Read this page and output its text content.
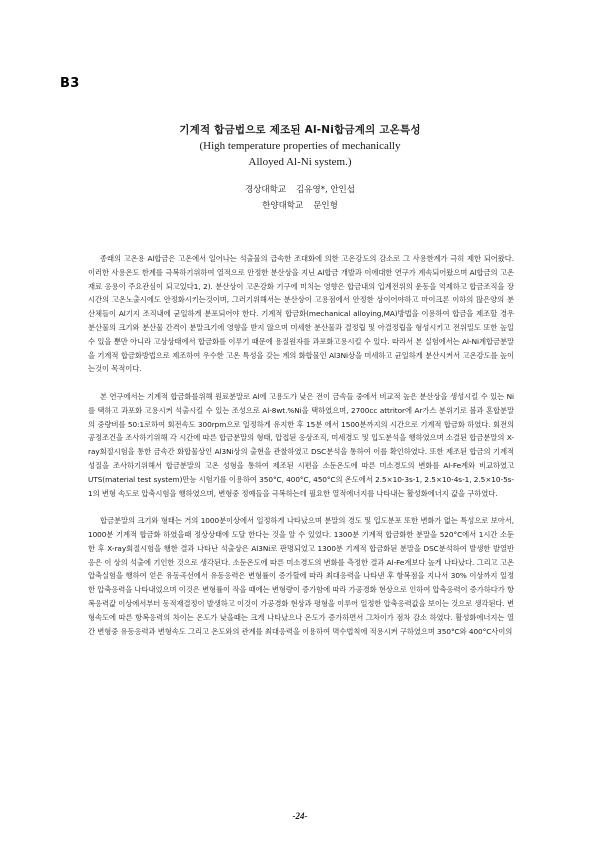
B3

기계적 합금법으로 제조된 Al-Ni합금계의 고온특성

(High temperature properties of mechanically

Alloyed Al-Ni system.)

경상대학교 김유영*, 안인섭
한양대학교 문인형

종래의 고온용 Al합금은 고온에서 일어나는 석출물의 급속한 조대화에 의한 고온강도의 감소로 그 사용한계가 극히 제한 되어왔다. 이러한 사용온도 한계를 극복하기위하여 열적으로 안정한 분산상을 지닌 Al합금 개발과 이에대한 연구가 계속되어왔으며 Al합금의 고온재료 응용이 주요관심이 되고있다1, 2). 분산상이 고온강화 기구에 미치는 영향은 합금내의 입계전위의 운동을 억제하고 합금조직을 장시간의 고온노출시에도 안정화시키는것이며, 그러기위해서는 분산상이 고용점에서 안정한 상이어야하고 마이크론 이하의 많은양의 분산체들이 Al기지 조직내에 균일하게 분포되어야 한다. 기계적 합금화(mechanical alloying,MA)방법을 이용하여 합금을 제조할 경우 분산물의 크기와 분산물 간격이 분말크기에 영향을 받지 않으며 미세한 분산물과 결정립 및 아결정립을 형성시키고 전위밀도 또한 높일 수 있을 뿐만 아니라 고상상태에서 합금화를 이루기 때문에 용질원자를 과포화고용시킬 수 있다. 따라서 본 실험에서는 Al-Ni계합금분말을 기계적 합금화방법으로 제조하여 우수한 고온 특성을 갖는 계의 화합물인 Al3Ni상을 미세하고 균일하게 분산시켜서 고온강도를 높이는것이 목적이다.

본 연구에서는 기계적 합금화를위해 원료분말로 Al에 고용도가 낮은 전이 금속들 중에서 비교적 높은 분산상을 생성시킬 수 있는 Ni를 택하고 과포화 고용시켜 석출시킬 수 있는 조성으로 Al-8wt.%Ni을 택하였으며, 2700cc attritor에 Ar가스 분위기로 볼과 혼합분말의 중량비를 50:1로하여 회전속도 300rpm으로 일정하게 유지한 후 15분 에서 1500분까지의 시간으로 기계적 합금화 하였다. 회전의 공정조건을 조사하기위해 각 시간에 따른 합금분말의 형태, 압접된 응상조직, 미세경도 및 입도분석을 행하였으며 소결된 합금분말의 X-ray회절시험을 통한 금속간 화합물상인 Al3Ni상의 출현을 관찰하였고 DSC분석을 통하여 이를 확인하였다. 또한 제조된 합금의 기계적 성질을 조사하기위해서 합금분말의 고온 성형을 통하여 제조된 시편을 소둔온도에 따른 미소경도의 변화를 Al-Fe계와 비교하였고 UTS(material test system)만능 시험기를 이용하여 350°C, 400°C, 450°C의 온도에서 2.5×10-3s-1, 2.5×10-4s-1, 2.5×10-5s-1의 변형 속도로 압축시험을 행하였으며, 변형중 정예들을 극복하는데 필요한 열적에너지를 나타내는 활성화에너지 값을 구하였다.

합금분말의 크기와 형태는 거의 1000분이상에서 일정하게 나타났으며 분말의 경도 및 입도분포 또한 변화가 없는 특성으로 보아서, 1000분 기계적 합금화 하였을때 정상상태에 도달 한다는 것을 알 수 있었다. 1300분 기계적 합금화한 분말을 520°C에서 1시간 소둔한 후 X-ray회절시험을 행한 결과 나타난 석출상은 Al3Ni로 판명되었고 1300분 기계적 합금화된 분말을 DSC분석하여 발생한 발열반응은 이 상의 석출에 기인한 것으로 생각된다. 소둔온도에 따른 미소경도의 변화를 측정한 결과 Al-Fe계보다 높게 나타났다. 그리고 고온 압축실험을 행하여 얻은 유동곡선에서 유동응력은 변형률이 증가할에 따라 최대응력을 나타낸 후 항복점을 지나서 30% 이상까지 일정한 압축응력을 나타내었으며 이것은 변형률이 작을 때에는 변형량이 증가함에 따라 가공경화 현상으로 인하여 압축응력이 증가하다가 항복응력값 이상에서부터 동적재결정이 발생하고 이것이 가공경화 현상과 평형을 이루어 일정한 압축응력값을 보이는 것으로 생각된다. 변형속도에 따른 항복응력의 차이는 온도가 낮을때는 크게 나타났으나 온도가 증가하면서 그차이가 점차 감소 하였다. 활성화에너지는 열간 변형중 유동응력과 변형속도 그리고 온도와의 관계를 최대응력을 이용하여 멱수법칙에 적용시켜 구하였으며 350°C와 400°C사이의

-24-
